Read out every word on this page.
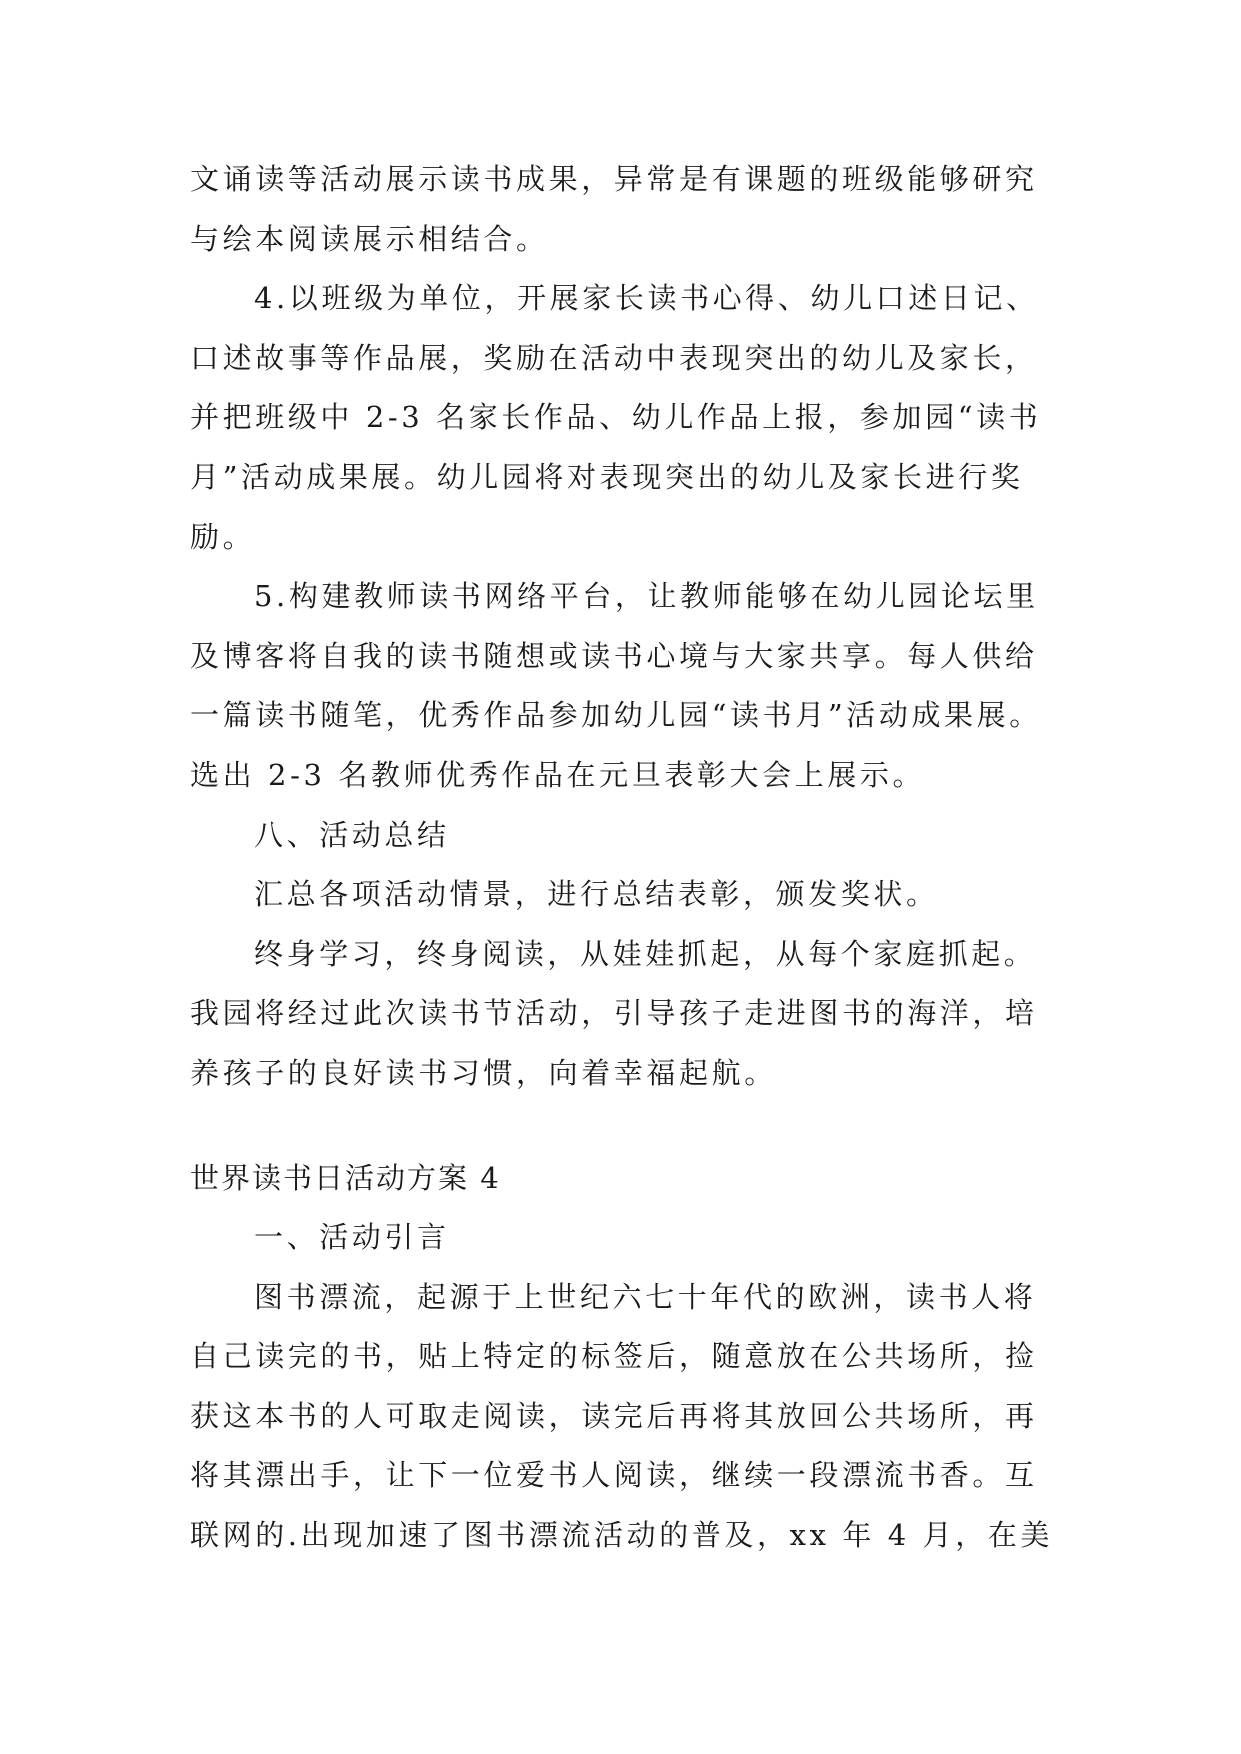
文诵读等活动展示读书成果，异常是有课题的班级能够研究
与绘本阅读展示相结合。
4.以班级为单位，开展家长读书心得、幼儿口述日记、
口述故事等作品展，奖励在活动中表现突出的幼儿及家长，
并把班级中 2-3 名家长作品、幼儿作品上报，参加园“读书
月”活动成果展。幼儿园将对表现突出的幼儿及家长进行奖
励。
5.构建教师读书网络平台，让教师能够在幼儿园论坛里
及博客将自我的读书随想或读书心境与大家共享。每人供给
一篇读书随笔，优秀作品参加幼儿园“读书月”活动成果展。
选出 2-3 名教师优秀作品在元旦表彰大会上展示。
八、活动总结
汇总各项活动情景，进行总结表彰，颁发奖状。
终身学习，终身阅读，从娃娃抓起，从每个家庭抓起。
我园将经过此次读书节活动，引导孩子走进图书的海洋，培
养孩子的良好读书习惯，向着幸福起航。
世界读书日活动方案 4
一、活动引言
图书漂流，起源于上世纪六七十年代的欧洲，读书人将
自己读完的书，贴上特定的标签后，随意放在公共场所，捡
获这本书的人可取走阅读，读完后再将其放回公共场所，再
将其漂出手，让下一位爱书人阅读，继续一段漂流书香。互
联网的.出现加速了图书漂流活动的普及，xx 年 4 月，在美
